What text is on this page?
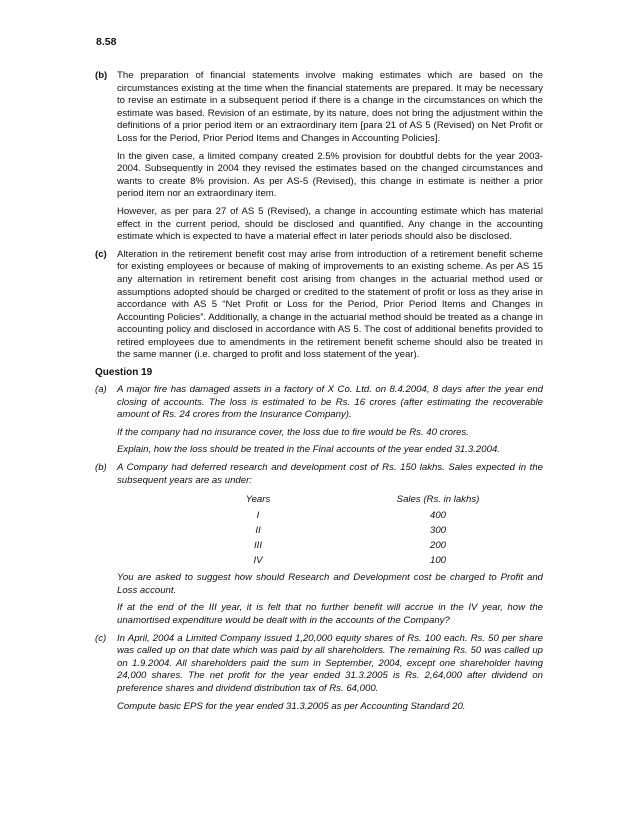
8.58
(b) The preparation of financial statements involve making estimates which are based on the circumstances existing at the time when the financial statements are prepared. It may be necessary to revise an estimate in a subsequent period if there is a change in the circumstances on which the estimate was based. Revision of an estimate, by its nature, does not bring the adjustment within the definitions of a prior period item or an extraordinary item [para 21 of AS 5 (Revised) on Net Profit or Loss for the Period, Prior Period Items and Changes in Accounting Policies].

In the given case, a limited company created 2.5% provision for doubtful debts for the year 2003-2004. Subsequently in 2004 they revised the estimates based on the changed circumstances and wants to create 8% provision. As per AS-5 (Revised), this change in estimate is neither a prior period item nor an extraordinary item.

However, as per para 27 of AS 5 (Revised), a change in accounting estimate which has material effect in the current period, should be disclosed and quantified. Any change in the accounting estimate which is expected to have a material effect in later periods should also be disclosed.

(c) Alteration in the retirement benefit cost may arise from introduction of a retirement benefit scheme for existing employees or because of making of improvements to an existing scheme. As per AS 15 any alternation in retirement benefit cost arising from changes in the actuarial method used or assumptions adopted should be charged or credited to the statement of profit or loss as they arise in accordance with AS 5 “Net Profit or Loss for the Period, Prior Period Items and Changes in Accounting Policies”. Additionally, a change in the actuarial method should be treated as a change in accounting policy and disclosed in accordance with AS 5. The cost of additional benefits provided to retired employees due to amendments in the retirement benefit scheme should also be treated in the same manner (i.e. charged to profit and loss statement of the year).

Question 19
(a) A major fire has damaged assets in a factory of X Co. Ltd. on 8.4.2004, 8 days after the year end closing of accounts. The loss is estimated to be Rs. 16 crores (after estimating the recoverable amount of Rs. 24 crores from the Insurance Company).

If the company had no insurance cover, the loss due to fire would be Rs. 40 crores.

Explain, how the loss should be treated in the Final accounts of the year ended 31.3.2004.

(b) A Company had deferred research and development cost of Rs. 150 lakhs. Sales expected in the subsequent years are as under:

Years		Sales (Rs. in lakhs)
I		400
II		300
III		200
IV		100

You are asked to suggest how should Research and Development cost be charged to Profit and Loss account.

If at the end of the III year, it is felt that no further benefit will accrue in the IV year, how the unamortised expenditure would be dealt with in the accounts of the Company?

(c) In April, 2004 a Limited Company issued 1,20,000 equity shares of Rs. 100 each. Rs. 50 per share was called up on that date which was paid by all shareholders. The remaining Rs. 50 was called up on 1.9.2004. All shareholders paid the sum in September, 2004, except one shareholder having 24,000 shares. The net profit for the year ended 31.3.2005 is Rs. 2,64,000 after dividend on preference shares and dividend distribution tax of Rs. 64,000.

Compute basic EPS for the year ended 31.3.2005 as per Accounting Standard 20.
